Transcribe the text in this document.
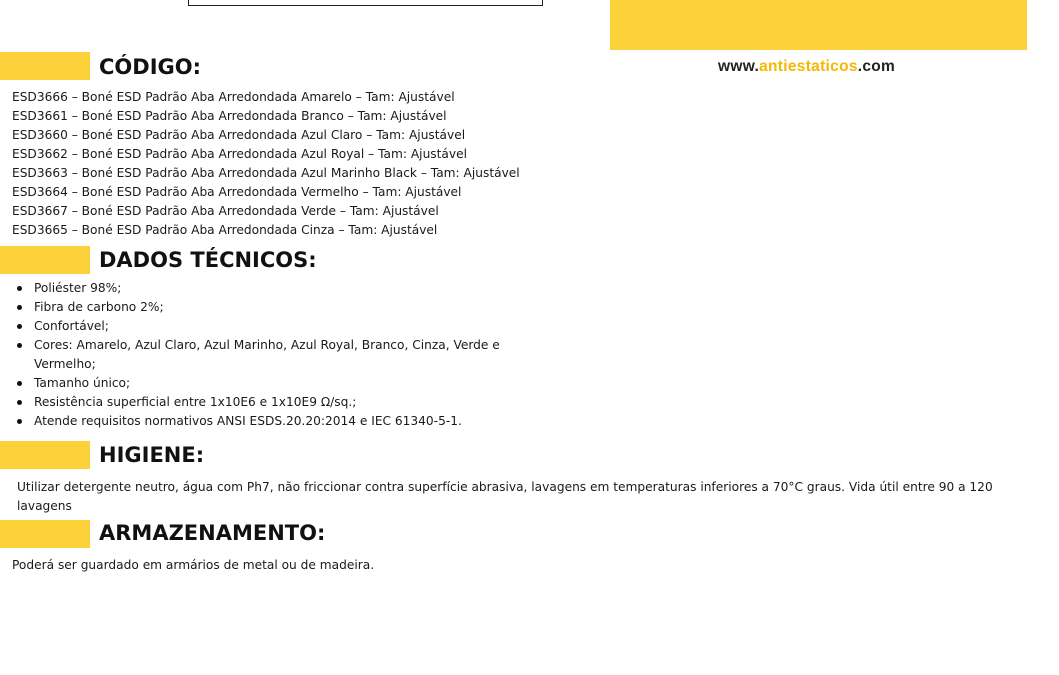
www.antiestaticos.com
CÓDIGO:
ESD3666 – Boné ESD Padrão Aba Arredondada Amarelo – Tam: Ajustável
ESD3661 – Boné ESD Padrão Aba Arredondada Branco – Tam: Ajustável
ESD3660 – Boné ESD Padrão Aba Arredondada Azul Claro – Tam: Ajustável
ESD3662 – Boné ESD Padrão Aba Arredondada Azul Royal – Tam: Ajustável
ESD3663 – Boné ESD Padrão Aba Arredondada Azul Marinho Black – Tam: Ajustável
ESD3664 – Boné ESD Padrão Aba Arredondada Vermelho – Tam: Ajustável
ESD3667 – Boné ESD Padrão Aba Arredondada Verde – Tam: Ajustável
ESD3665 – Boné ESD Padrão Aba Arredondada Cinza – Tam: Ajustável
DADOS TÉCNICOS:
Poliéster 98%;
Fibra de carbono 2%;
Confortável;
Cores: Amarelo, Azul Claro, Azul Marinho, Azul Royal, Branco, Cinza, Verde e Vermelho;
Tamanho único;
Resistência superficial entre 1x10E6 e 1x10E9 Ω/sq.;
Atende requisitos normativos ANSI ESDS.20.20:2014 e IEC 61340-5-1.
HIGIENE:
Utilizar detergente neutro, água com Ph7, não friccionar contra superfície abrasiva, lavagens em temperaturas inferiores a 70°C graus. Vida útil entre 90 a 120 lavagens
ARMAZENAMENTO:
Poderá ser guardado em armários de metal ou de madeira.
